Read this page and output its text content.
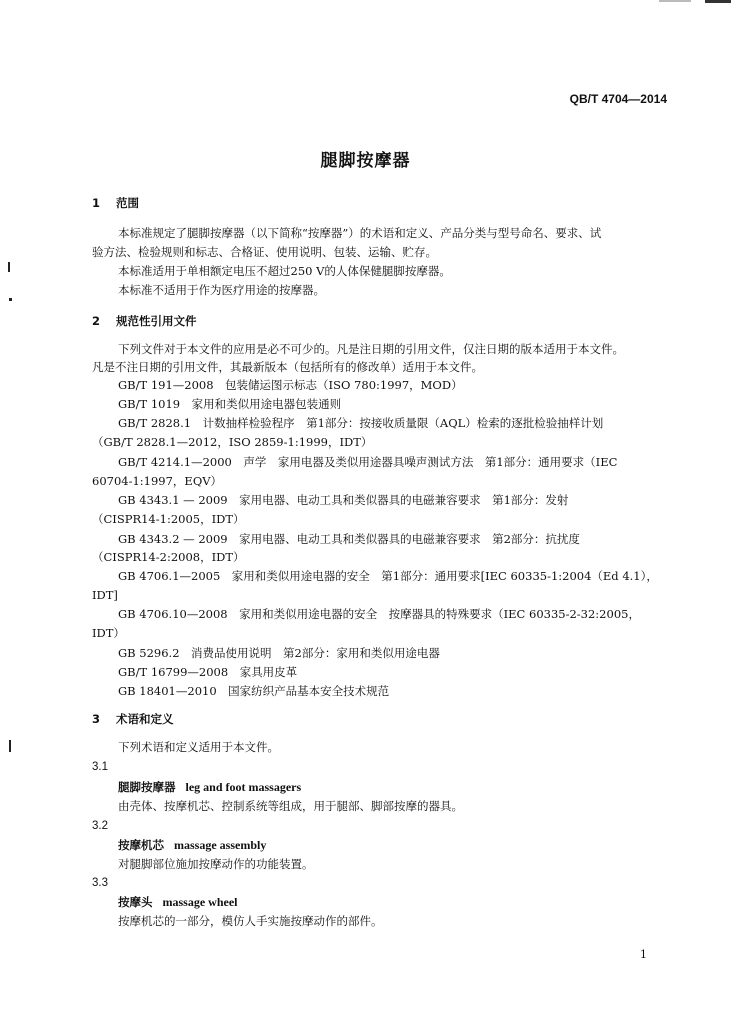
QB/T 4704—2014
腿脚按摩器
1 范围
本标准规定了腿脚按摩器（以下简称“按摩器”）的术语和定义、产品分类与型号命名、要求、试
验方法、检验规则和标志、合格证、使用说明、包装、运输、贮存。
本标准适用于单相额定电压不超过250 V的人体保健腿脚按摩器。
本标准不适用于作为医疗用途的按摩器。
2 规范性引用文件
下列文件对于本文件的应用是必不可少的。凡是注日期的引用文件，仅注日期的版本适用于本文件。
凡是不注日期的引用文件，其最新版本（包括所有的修改单）适用于本文件。
GB/T 191—2008　包装储运图示标志（ISO 780:1997，MOD）
GB/T 1019　家用和类似用途电器包装通则
GB/T 2828.1　计数抽样检验程序　第1部分：按接收质量限（AQL）检索的逐批检验抽样计划
（GB/T 2828.1—2012，ISO 2859-1:1999，IDT）
GB/T 4214.1—2000　声学　家用电器及类似用途器具噪声测试方法　第1部分：通用要求（IEC
60704-1:1997，EQV）
GB 4343.1 — 2009　家用电器、电动工具和类似器具的电磁兼容要求　第1部分：发射
（CISPR14-1:2005，IDT）
GB 4343.2 — 2009　家用电器、电动工具和类似器具的电磁兼容要求　第2部分：抗扰度
（CISPR14-2:2008，IDT）
GB 4706.1—2005　家用和类似用途电器的安全　第1部分：通用要求[IEC 60335-1:2004（Ed 4.1），
IDT]
GB 4706.10—2008　家用和类似用途电器的安全　按摩器具的特殊要求（IEC 60335-2-32:2005，
IDT）
GB 5296.2　消费品使用说明　第2部分：家用和类似用途电器
GB/T 16799—2008　家具用皮革
GB 18401—2010　国家纺织产品基本安全技术规范
3 术语和定义
下列术语和定义适用于本文件。
3.1
腿脚按摩器 leg and foot massagers
由壳体、按摩机芯、控制系统等组成，用于腿部、脚部按摩的器具。
3.2
按摩机芯 massage assembly
对腿脚部位施加按摩动作的功能装置。
3.3
按摩头 massage wheel
按摩机芯的一部分，模仿人手实施按摩动作的部件。
1
